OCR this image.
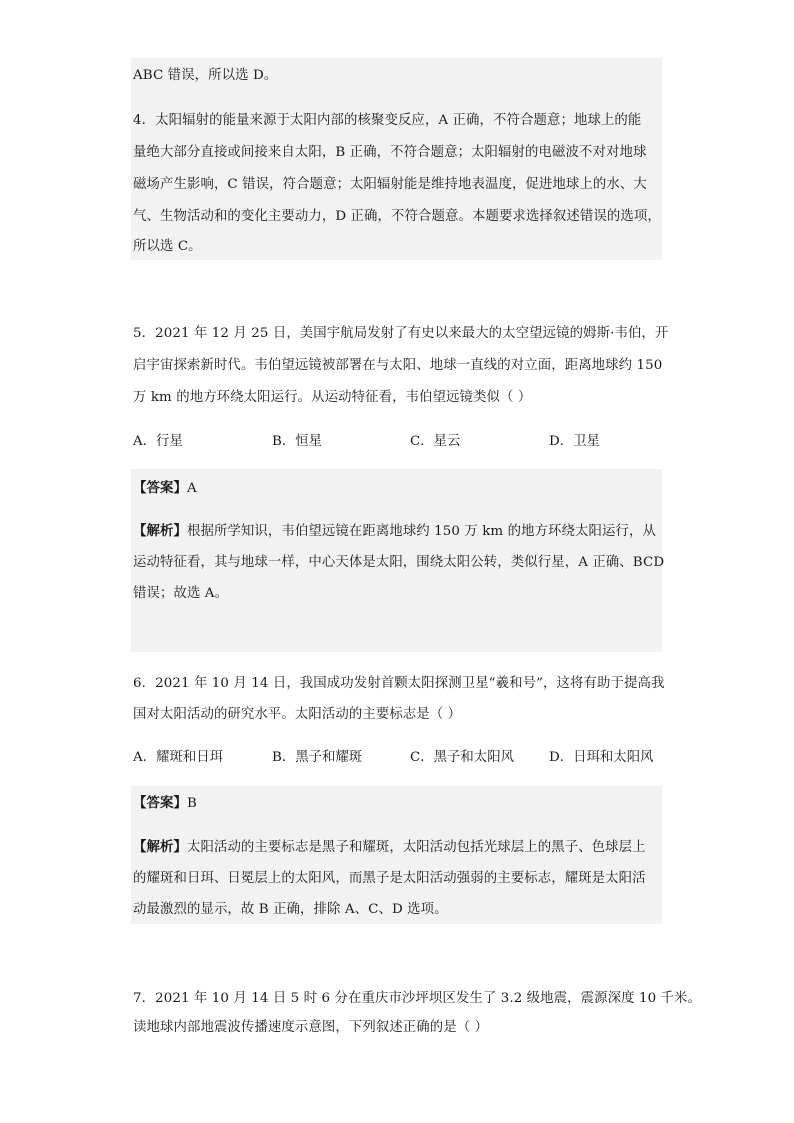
ABC 错误，所以选 D。
4．太阳辐射的能量来源于太阳内部的核聚变反应，A 正确，不符合题意；地球上的能
量绝大部分直接或间接来自太阳，B 正确，不符合题意；太阳辐射的电磁波不对对地球
磁场产生影响，C 错误，符合题意；太阳辐射能是维持地表温度，促进地球上的水、大
气、生物活动和的变化主要动力，D 正确，不符合题意。本题要求选择叙述错误的选项，
所以选 C。
5．2021 年 12 月 25 日，美国宇航局发射了有史以来最大的太空望远镜的姆斯·韦伯，开
启宇宙探索新时代。韦伯望远镜被部署在与太阳、地球一直线的对立面，距离地球约 150
万 km 的地方环绕太阳运行。从运动特征看，韦伯望远镜类似（ ）
A．行星	B．恒星	C．星云	D．卫星
【答案】A
【解析】根据所学知识，韦伯望远镜在距离地球约 150 万 km 的地方环绕太阳运行，从
运动特征看，其与地球一样，中心天体是太阳，围绕太阳公转，类似行星，A 正确、BCD
错误；故选 A。
6．2021 年 10 月 14 日，我国成功发射首颗太阳探测卫星“羲和号”，这将有助于提高我
国对太阳活动的研究水平。太阳活动的主要标志是（ ）
A．耀斑和日珥	B．黑子和耀斑	C．黑子和太阳风	D．日珥和太阳风
【答案】B
【解析】太阳活动的主要标志是黑子和耀斑，太阳活动包括光球层上的黑子、色球层上
的耀斑和日珥、日冕层上的太阳风，而黑子是太阳活动强弱的主要标志，耀斑是太阳活
动最激烈的显示，故 B 正确，排除 A、C、D 选项。
7．2021 年 10 月 14 日 5 时 6 分在重庆市沙坪坝区发生了 3.2 级地震，震源深度 10 千米。
读地球内部地震波传播速度示意图，下列叙述正确的是（ ）
